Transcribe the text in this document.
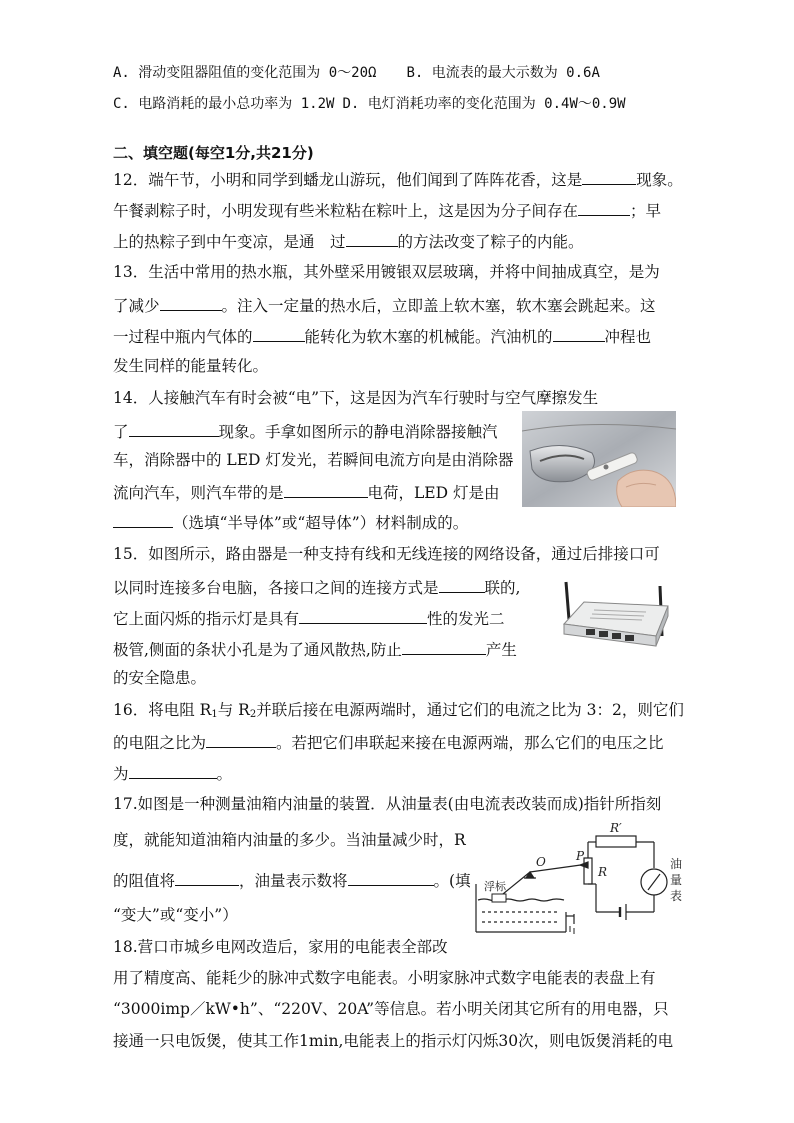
A. 滑动变阻器阻值的变化范围为 0～20Ω B. 电流表的最大示数为 0.6A
C. 电路消耗的最小总功率为 1.2W D. 电灯消耗功率的变化范围为 0.4W～0.9W
二、填空题(每空1分,共21分)
12．端午节，小明和同学到蟠龙山游玩，他们闻到了阵阵花香，这是	现象。
午餐剥粽子时，小明发现有些米粒粘在粽叶上，这是因为分子间存在	；早
上的热粽子到中午变凉，是通　过	的方法改变了粽子的内能。
13．生活中常用的热水瓶，其外壁采用镀银双层玻璃，并将中间抽成真空，是为
了减少	。注入一定量的热水后，立即盖上软木塞，软木塞会跳起来。这
一过程中瓶内气体的	能转化为软木塞的机械能。汽油机的	冲程也
发生同样的能量转化。
14．人接触汽车有时会被“电”下，这是因为汽车行驶时与空气摩擦发生
了	现象。手拿如图所示的静电消除器接触汽
车，消除器中的 LED 灯发光，若瞬间电流方向是由消除器
流向汽车，则汽车带的是	电荷，LED 灯是由
（选填“半导体”或“超导体”）材料制成的。
15．如图所示，路由器是一种支持有线和无线连接的网络设备，通过后排接口可
以同时连接多台电脑，各接口之间的连接方式是	联的,
它上面闪烁的指示灯是具有	性的发光二
极管,侧面的条状小孔是为了通风散热,防止	产生
的安全隐患。
16．将电阻 $R_1$与 $R_2$并联后接在电源两端时，通过它们的电流之比为 3：2，则它们
的电阻之比为	。若把它们串联起来接在电源两端，那么它们的电压之比
为	。
17.如图是一种测量油箱内油量的装置．从油量表(由电流表改装而成)指针所指刻
度，就能知道油箱内油量的多少。当油量减少时，R
的阻值将	，油量表示数将	。(填
“变大”或“变小”）
R′
O	P
R
浮标
油量表
18.营口市城乡电网改造后，家用的电能表全部改
用了精度高、能耗少的脉冲式数字电能表。小明家脉冲式数字电能表的表盘上有
“3000imp／kW•h”、“220V、20A”等信息。若小明关闭其它所有的用电器，只
接通一只电饭煲，使其工作1min,电能表上的指示灯闪烁30次，则电饭煲消耗的电
